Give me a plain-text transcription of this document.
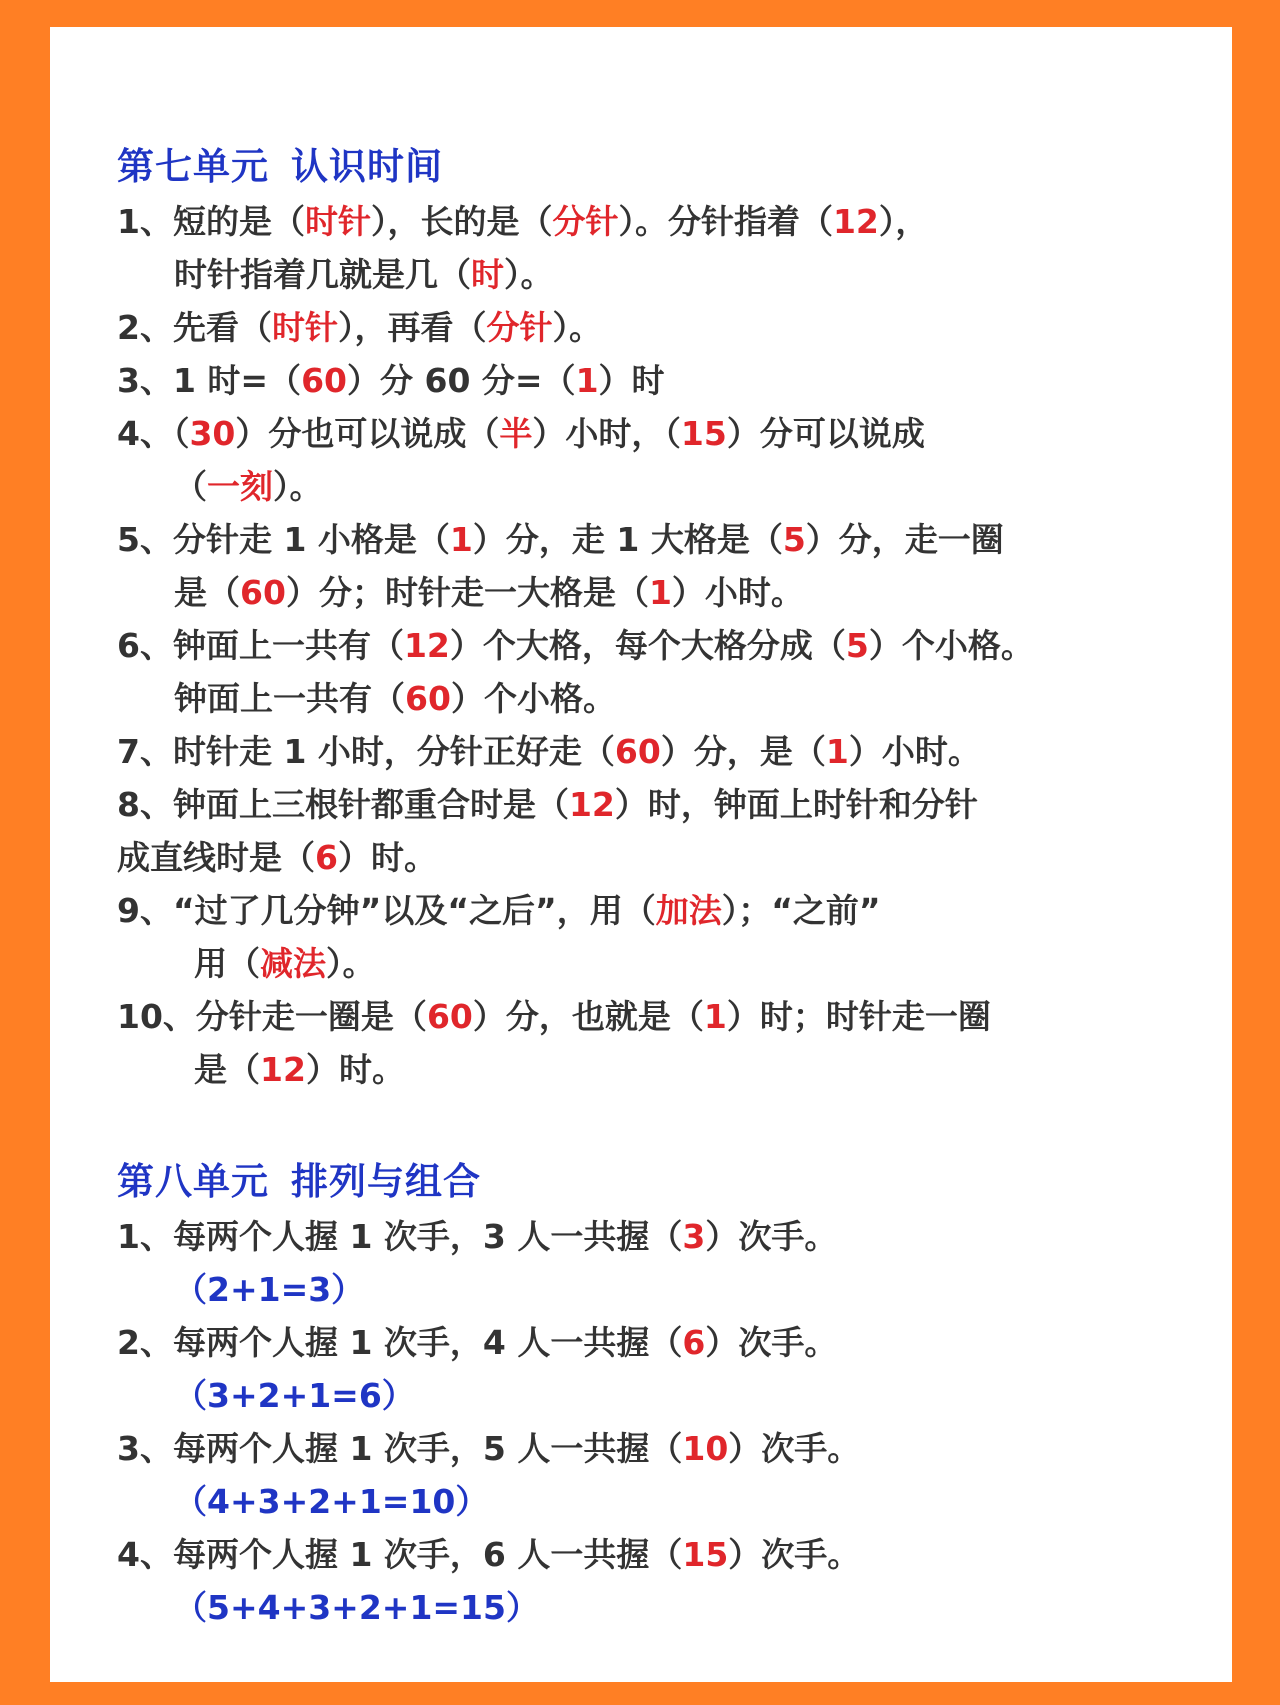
第七单元 认识时间

1、短的是（时针），长的是（分针）。分针指着（12），
时针指着几就是几（时）。

2、先看（时针），再看（分针）。

3、1 时=（60）分 60 分=（1）时

4、（30）分也可以说成（半）小时，（15）分可以说成
（一刻）。

5、分针走 1 小格是（1）分，走 1 大格是（5）分，走一圈
是（60）分；时针走一大格是（1）小时。

6、钟面上一共有（12）个大格，每个大格分成（5）个小格。
钟面上一共有（60）个小格。

7、时针走 1 小时，分针正好走（60）分，是（1）小时。

8、钟面上三根针都重合时是（12）时，钟面上时针和分针
成直线时是（6）时。

9、“过了几分钟”以及“之后”，用（加法）；“之前”
用（减法）。

10、分针走一圈是（60）分，也就是（1）时；时针走一圈
是（12）时。

第八单元 排列与组合

1、每两个人握 1 次手，3 人一共握（3）次手。
（2+1=3）

2、每两个人握 1 次手，4 人一共握（6）次手。
（3+2+1=6）

3、每两个人握 1 次手，5 人一共握（10）次手。
（4+3+2+1=10）

4、每两个人握 1 次手，6 人一共握（15）次手。
（5+4+3+2+1=15）
